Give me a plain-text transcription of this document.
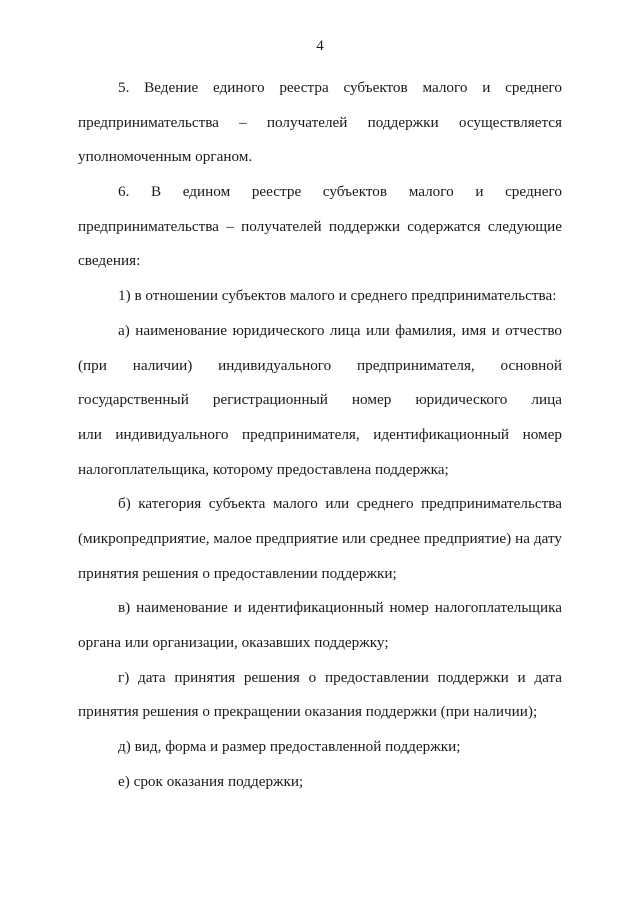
4
5. Ведение единого реестра субъектов малого и среднего
предпринимательства – получателей поддержки осуществляется
уполномоченным органом.
6. В едином реестре субъектов малого и среднего
предпринимательства – получателей поддержки содержатся следующие
сведения:
1) в отношении субъектов малого и среднего предпринимательства:
а) наименование юридического лица или фамилия, имя и отчество
(при наличии) индивидуального предпринимателя, основной
государственный регистрационный номер юридического лица
или индивидуального предпринимателя, идентификационный номер
налогоплательщика, которому предоставлена поддержка;
б) категория субъекта малого или среднего предпринимательства
(микропредприятие, малое предприятие или среднее предприятие) на дату
принятия решения о предоставлении поддержки;
в) наименование и идентификационный номер налогоплательщика
органа или организации, оказавших поддержку;
г) дата принятия решения о предоставлении поддержки и дата
принятия решения о прекращении оказания поддержки (при наличии);
д) вид, форма и размер предоставленной поддержки;
е) срок оказания поддержки;
